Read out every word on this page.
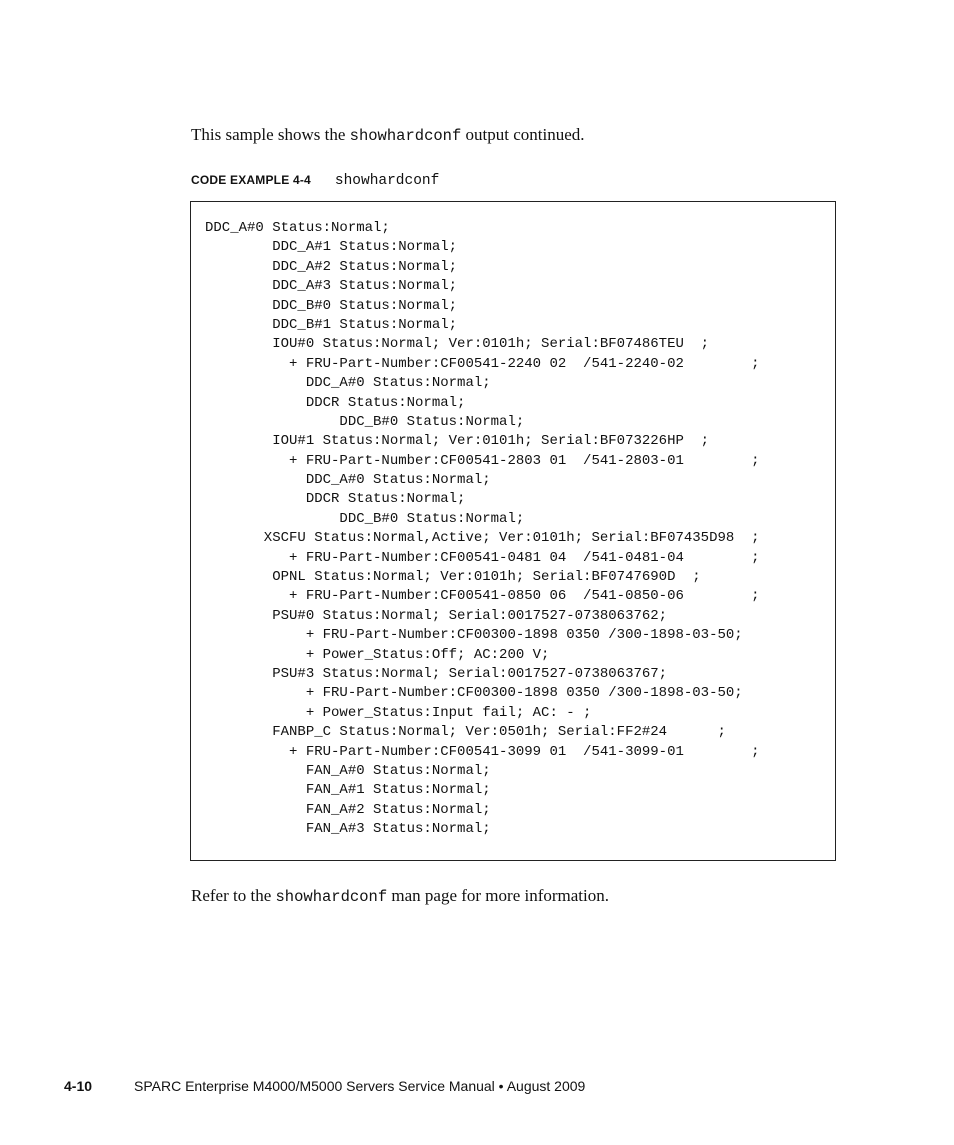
This sample shows the showhardconf output continued.

CODE EXAMPLE 4-4 showhardconf
DDC_A#0 Status:Normal;
DDC_A#1 Status:Normal;
DDC_A#2 Status:Normal;
DDC_A#3 Status:Normal;
DDC_B#0 Status:Normal;
DDC_B#1 Status:Normal;
IOU#0 Status:Normal; Ver:0101h; Serial:BF07486TEU  ;
+ FRU-Part-Number:CF00541-2240 02  /541-2240-02        ;
DDC_A#0 Status:Normal;
DDCR Status:Normal;
DDC_B#0 Status:Normal;
IOU#1 Status:Normal; Ver:0101h; Serial:BF073226HP  ;
+ FRU-Part-Number:CF00541-2803 01  /541-2803-01        ;
DDC_A#0 Status:Normal;
DDCR Status:Normal;
DDC_B#0 Status:Normal;
XSCFU Status:Normal,Active; Ver:0101h; Serial:BF07435D98  ;
+ FRU-Part-Number:CF00541-0481 04  /541-0481-04        ;
OPNL Status:Normal; Ver:0101h; Serial:BF0747690D  ;
+ FRU-Part-Number:CF00541-0850 06  /541-0850-06        ;
PSU#0 Status:Normal; Serial:0017527-0738063762;
+ FRU-Part-Number:CF00300-1898 0350 /300-1898-03-50;
+ Power_Status:Off; AC:200 V;
PSU#3 Status:Normal; Serial:0017527-0738063767;
+ FRU-Part-Number:CF00300-1898 0350 /300-1898-03-50;
+ Power_Status:Input fail; AC: - ;
FANBP_C Status:Normal; Ver:0501h; Serial:FF2#24      ;
+ FRU-Part-Number:CF00541-3099 01  /541-3099-01        ;
FAN_A#0 Status:Normal;
FAN_A#1 Status:Normal;
FAN_A#2 Status:Normal;
FAN_A#3 Status:Normal;

Refer to the showhardconf man page for more information.

4-10	SPARC Enterprise M4000/M5000 Servers Service Manual • August 2009
